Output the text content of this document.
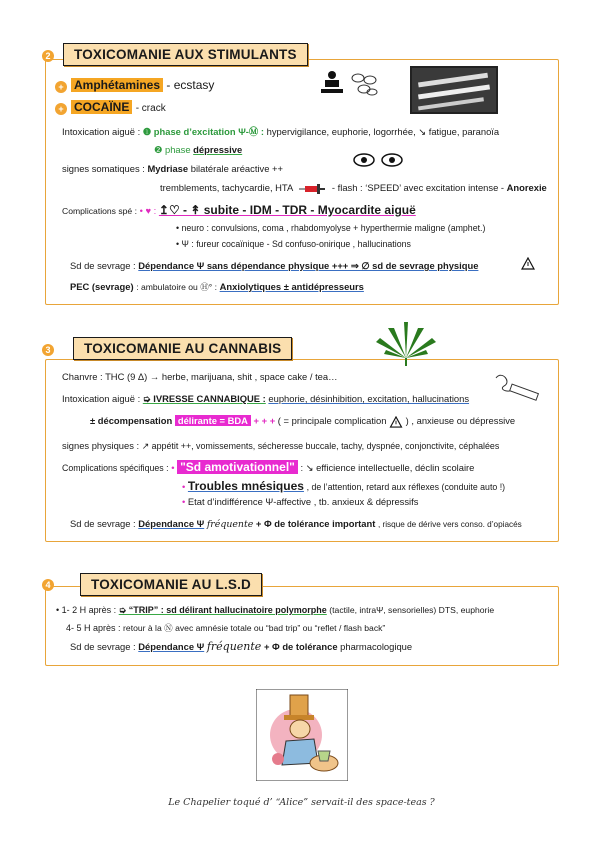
2	TOXICOMANIE AUX STIMULANTS
+ Amphétamines - ecstasy
+ COCAÏNE - crack
Intoxication aiguë : ❶ phase d’excitation Ψ-Ⓜ : hypervigilance, euphorie, logorrhée, ↘ fatigue, paranoïa
❷ phase dépressive
signes somatiques : Mydriase bilatérale aréactive ++
tremblements, tachycardie, HTA	- flash : ‘SPEED’ avec excitation intense - Anorexie
Complications spé : • ♥ : ↥♡ - ↟ subite - IDM - TDR - Myocardite aiguë
• neuro : convulsions, coma , rhabdomyolyse + hyperthermie maligne (amphet.)
• Ψ : fureur cocaïnique - Sd confuso-onirique , hallucinations
Sd de sevrage : Dépendance Ψ sans dépendance physique +++ ⇒ ∅ sd de sevrage physique
PEC (sevrage) : ambulatoire ou Ⓗ° : Anxiolytiques ± antidépresseurs
3	TOXICOMANIE AU CANNABIS
Chanvre : THC (9 Δ) → herbe, marijuana, shit , space cake / tea…
Intoxication aiguë : ➭ IVRESSE CANNABIQUE : euphorie, désinhibition, excitation, hallucinations
± décompensation délirante = BDA + + + ( = principale complication ) , anxieuse ou dépressive
signes physiques : ↗ appétit ++, vomissements, sécheresse buccale, tachy, dyspnée, conjonctivite, céphalées
Complications spécifiques : • "Sd amotivationnel" : ↘ efficience intellectuelle, déclin scolaire
• Troubles mnésiques , de l’attention, retard aux réflexes (conduite auto !)
• Etat d’indifférence Ψ-affective , tb. anxieux & dépressifs
Sd de sevrage : Dépendance Ψ fréquente + Φ de tolérance important , risque de dérive vers conso. d’opiacés
4	TOXICOMANIE AU L.S.D
• 1- 2 H après : ➭ “TRIP” : sd délirant hallucinatoire polymorphe (tactile, intraΨ, sensorielles) DTS, euphorie
4- 5 H après : retour à la Ⓝ avec amnésie totale ou “bad trip” ou “reflet / flash back”
Sd de sevrage : Dépendance Ψ fréquente + Φ de tolérance pharmacologique
Le Chapelier toqué d’ “Alice” servait-il des space-teas ?
